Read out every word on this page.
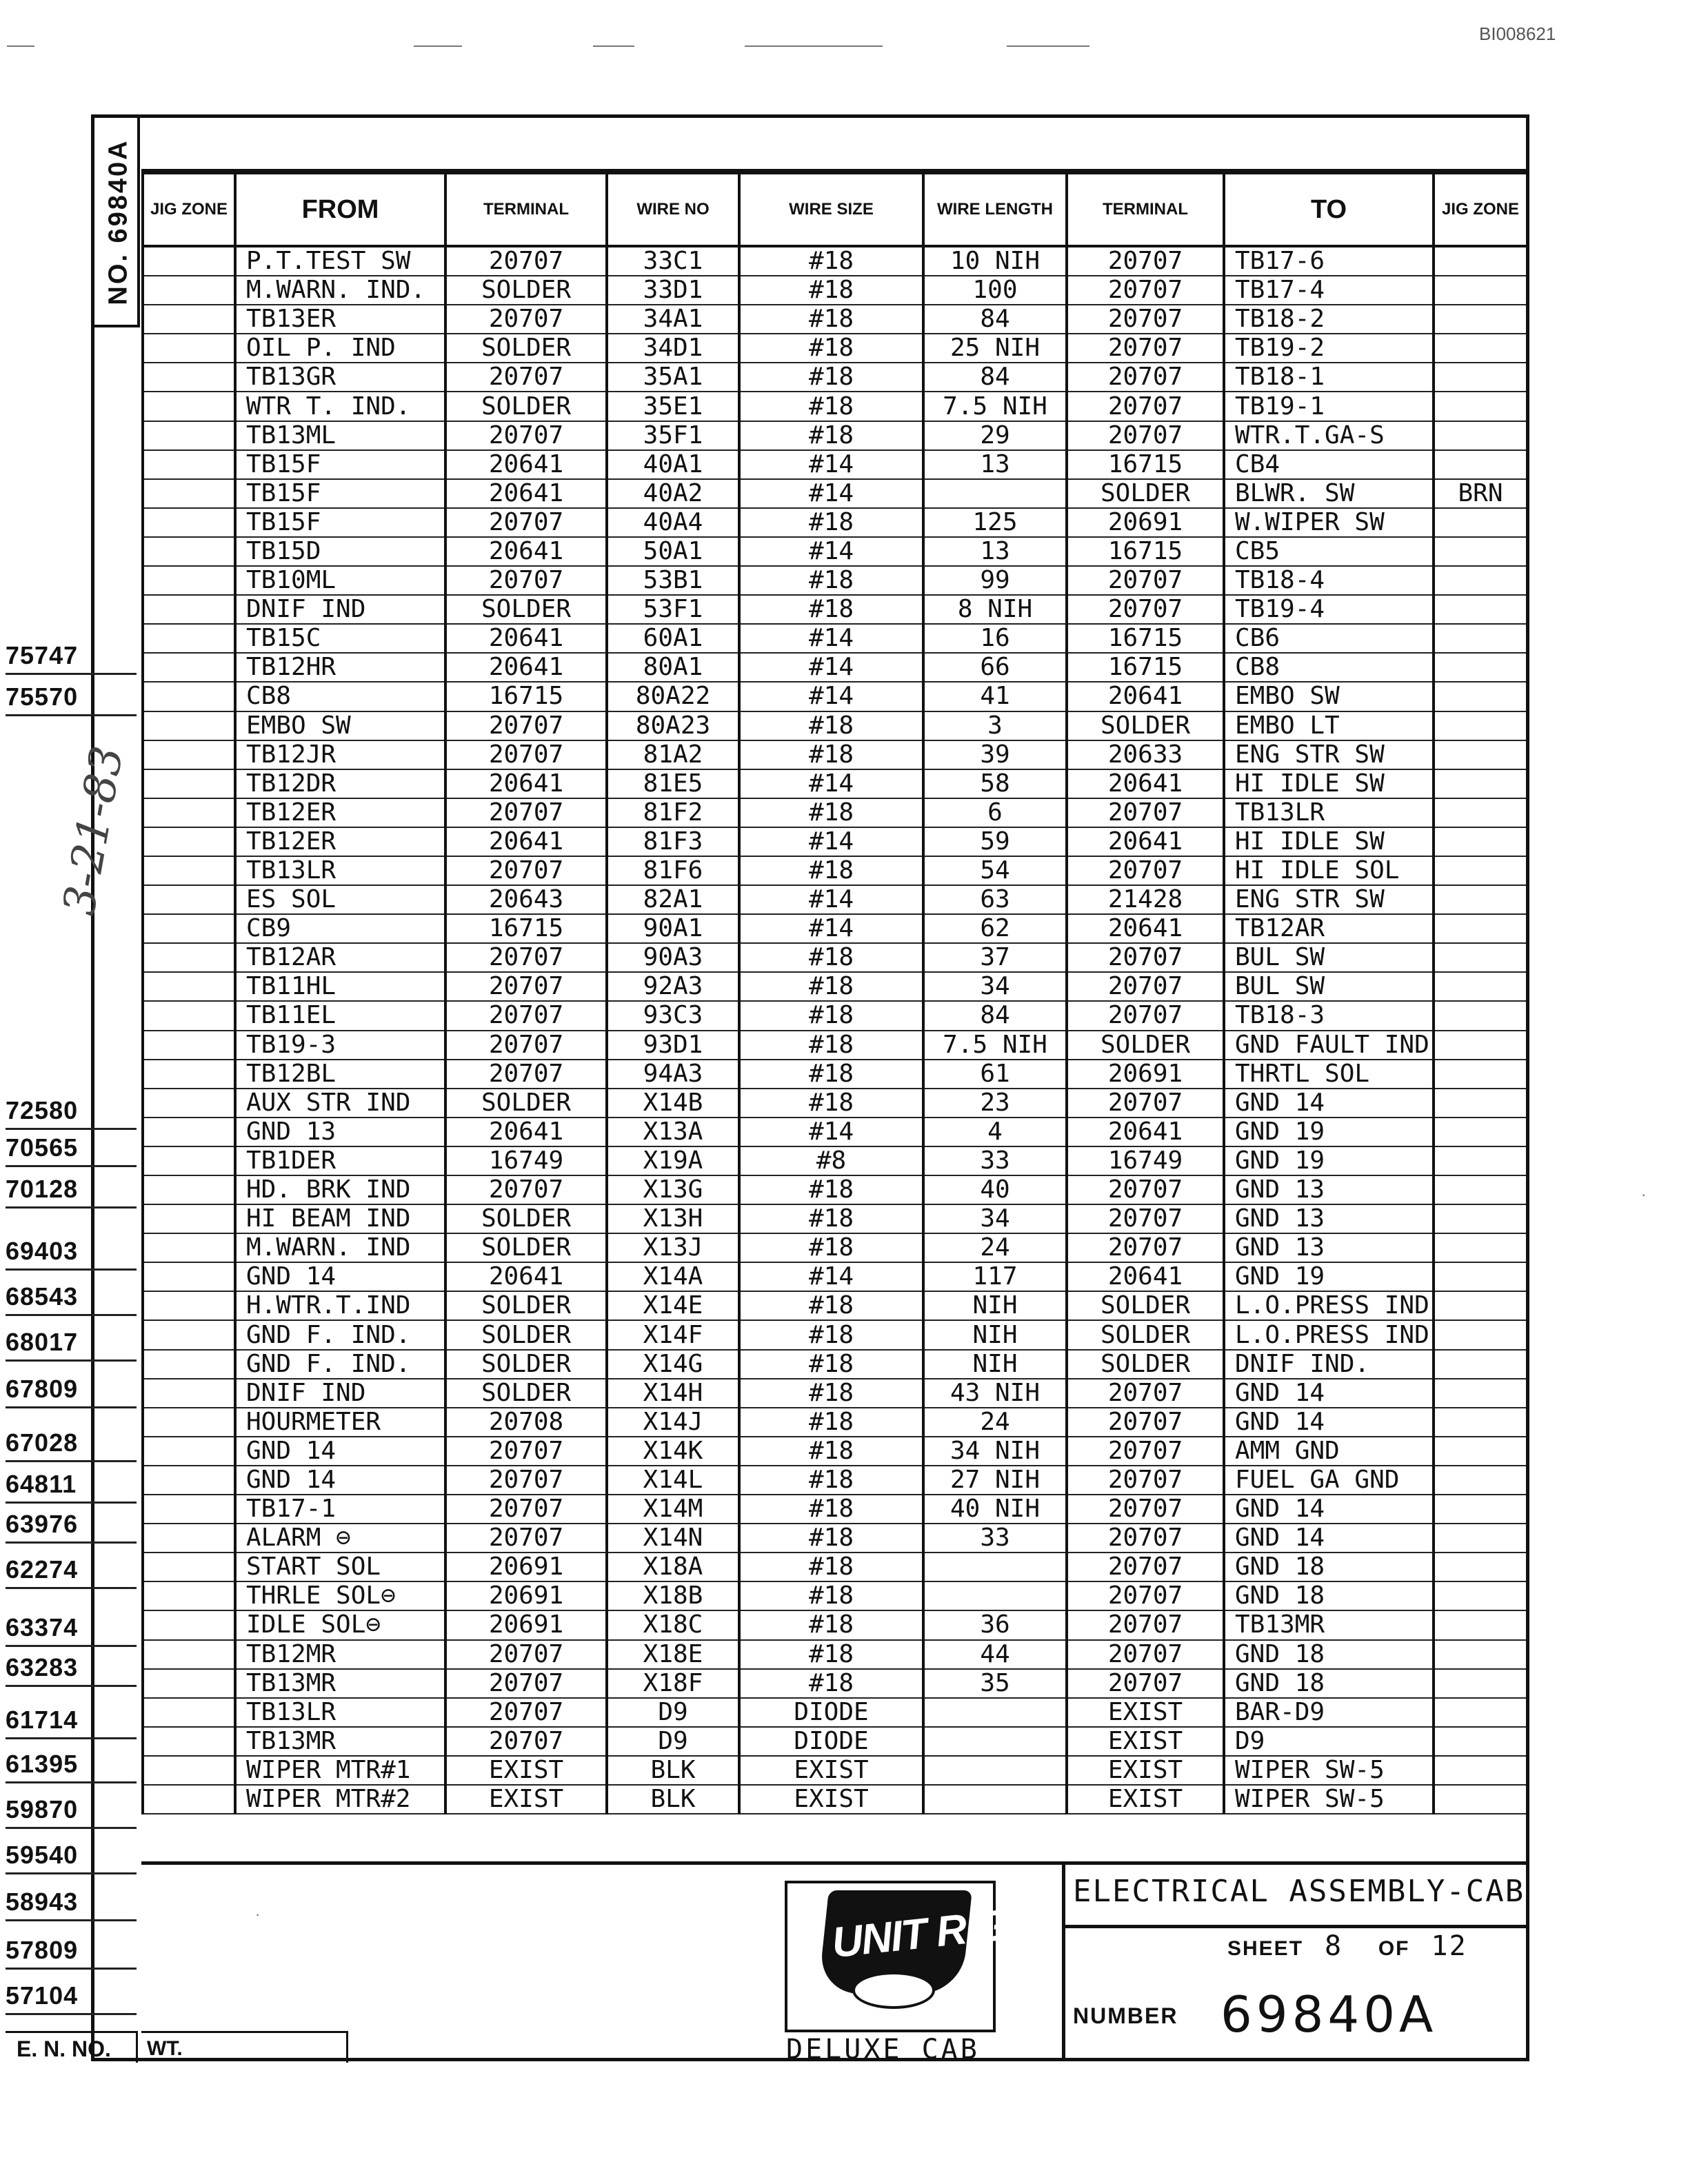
BI008621
NO. 69840A JIG ZONE	FROM	TERMINAL	WIRE NO	WIRE SIZE	WIRE LENGTH	TERMINAL	TO	JIG ZONE
	P.T.TEST SW	20707	33C1	#18	10 NIH	20707	TB17-6	
	M.WARN. IND.	SOLDER	33D1	#18	100	20707	TB17-4	
	TB13ER	20707	34A1	#18	84	20707	TB18-2	
	OIL P. IND	SOLDER	34D1	#18	25 NIH	20707	TB19-2	
	TB13GR	20707	35A1	#18	84	20707	TB18-1	
	WTR T. IND.	SOLDER	35E1	#18	7.5 NIH	20707	TB19-1	
	TB13ML	20707	35F1	#18	29	20707	WTR.T.GA-S	
	TB15F	20641	40A1	#14	13	16715	CB4	
	TB15F	20641	40A2	#14		SOLDER	BLWR. SW	BRN
	TB15F	20707	40A4	#18	125	20691	W.WIPER SW	
	TB15D	20641	50A1	#14	13	16715	CB5	
	TB10ML	20707	53B1	#18	99	20707	TB18-4	
	DNIF IND	SOLDER	53F1	#18	8 NIH	20707	TB19-4	
	TB15C	20641	60A1	#14	16	16715	CB6	
	TB12HR	20641	80A1	#14	66	16715	CB8	
	CB8	16715	80A22	#14	41	20641	EMBO SW	
	EMBO SW	20707	80A23	#18	3	SOLDER	EMBO LT	
	TB12JR	20707	81A2	#18	39	20633	ENG STR SW	
	TB12DR	20641	81E5	#14	58	20641	HI IDLE SW	
	TB12ER	20707	81F2	#18	6	20707	TB13LR	
	TB12ER	20641	81F3	#14	59	20641	HI IDLE SW	
	TB13LR	20707	81F6	#18	54	20707	HI IDLE SOL	
	ES SOL	20643	82A1	#14	63	21428	ENG STR SW	
	CB9	16715	90A1	#14	62	20641	TB12AR	
	TB12AR	20707	90A3	#18	37	20707	BUL SW	
	TB11HL	20707	92A3	#18	34	20707	BUL SW	
	TB11EL	20707	93C3	#18	84	20707	TB18-3	
	TB19-3	20707	93D1	#18	7.5 NIH	SOLDER	GND FAULT IND	
	TB12BL	20707	94A3	#18	61	20691	THRTL SOL	
	AUX STR IND	SOLDER	X14B	#18	23	20707	GND 14	
	GND 13	20641	X13A	#14	4	20641	GND 19	
	TB1DER	16749	X19A	#8	33	16749	GND 19	
	HD. BRK IND	20707	X13G	#18	40	20707	GND 13	
	HI BEAM IND	SOLDER	X13H	#18	34	20707	GND 13	
	M.WARN. IND	SOLDER	X13J	#18	24	20707	GND 13	
	GND 14	20641	X14A	#14	117	20641	GND 19	
	H.WTR.T.IND	SOLDER	X14E	#18	NIH	SOLDER	L.O.PRESS IND	
	GND F. IND.	SOLDER	X14F	#18	NIH	SOLDER	L.O.PRESS IND	
	GND F. IND.	SOLDER	X14G	#18	NIH	SOLDER	DNIF IND.	
	DNIF IND	SOLDER	X14H	#18	43 NIH	20707	GND 14	
	HOURMETER	20708	X14J	#18	24	20707	GND 14	
	GND 14	20707	X14K	#18	34 NIH	20707	AMM GND	
	GND 14	20707	X14L	#18	27 NIH	20707	FUEL GA GND	
	TB17-1	20707	X14M	#18	40 NIH	20707	GND 14	
	ALARM ⊖	20707	X14N	#18	33	20707	GND 14	
	START SOL	20691	X18A	#18		20707	GND 18	
	THRLE SOL⊖	20691	X18B	#18		20707	GND 18	
	IDLE SOL⊖	20691	X18C	#18	36	20707	TB13MR	
	TB12MR	20707	X18E	#18	44	20707	GND 18	
	TB13MR	20707	X18F	#18	35	20707	GND 18	
	TB13LR	20707	D9	DIODE		EXIST	BAR-D9	
	TB13MR	20707	D9	DIODE		EXIST	D9	
	WIPER MTR#1	EXIST	BLK	EXIST		EXIST	WIPER SW-5	
	WIPER MTR#2	EXIST	BLK	EXIST		EXIST	WIPER SW-5	
75747
75570
72580
70565
70128
69403
68543
68017
67809
67028
64811
63976
62274
63374
63283
61714
61395
59870
59540
58943
57809
57104
3-21-83
ELECTRICAL ASSEMBLY-CAB
SHEET 8 OF 12
NUMBER 69840A
UNIT RIG
DELUXE CAB
E. N. NO.	WT.
·
·
